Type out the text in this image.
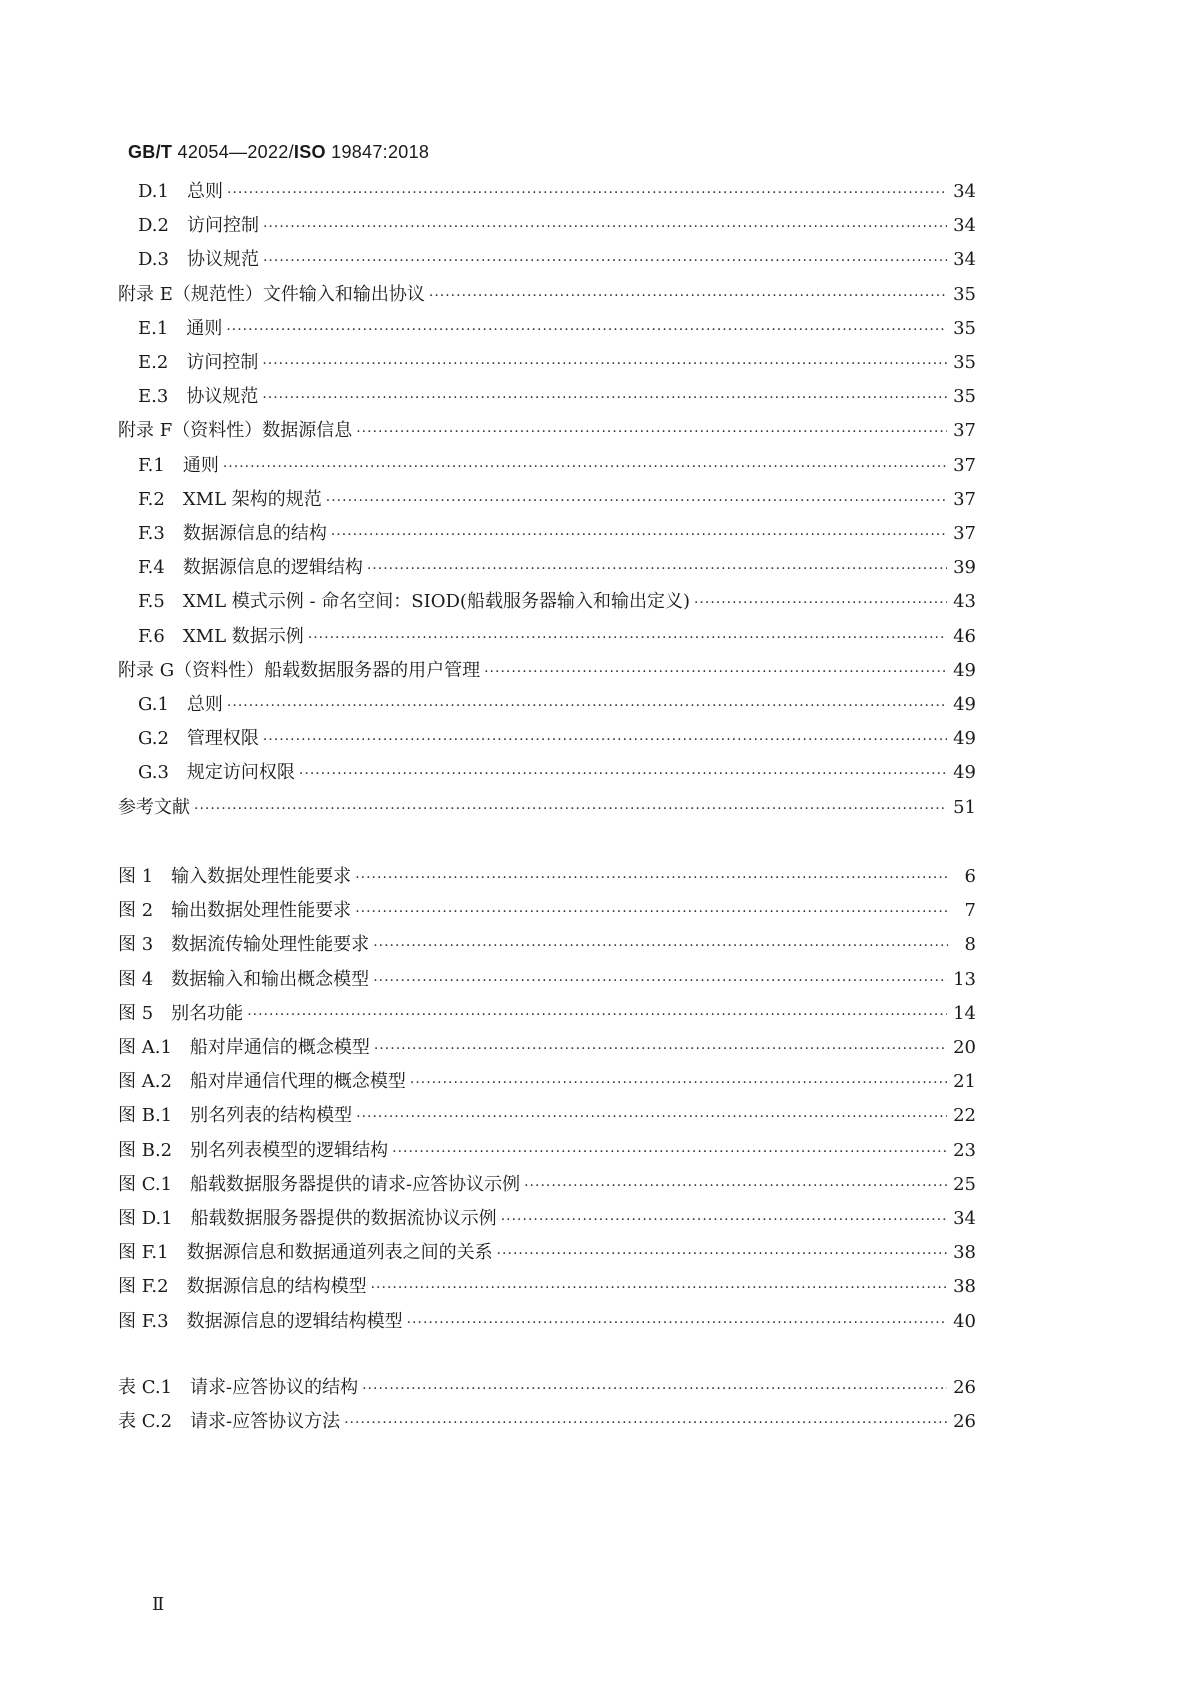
GB/T 42054—2022/ISO 19847:2018
D.1　总则 ·····	34
D.2　访问控制 ·····	34
D.3　协议规范 ·····	34
附录 E（规范性）文件输入和输出协议 ·····	35
E.1　通则 ·····	35
E.2　访问控制 ·····	35
E.3　协议规范 ·····	35
附录 F（资料性）数据源信息 ·····	37
F.1　通则 ·····	37
F.2　XML 架构的规范 ·····	37
F.3　数据源信息的结构 ·····	37
F.4　数据源信息的逻辑结构 ·····	39
F.5　XML 模式示例 - 命名空间：SIOD(船载服务器输入和输出定义) ·····	43
F.6　XML 数据示例 ·····	46
附录 G（资料性）船载数据服务器的用户管理 ·····	49
G.1　总则 ·····	49
G.2　管理权限 ·····	49
G.3　规定访问权限 ·····	49
参考文献 ·····	51
图 1　输入数据处理性能要求 ·····	6
图 2　输出数据处理性能要求 ·····	7
图 3　数据流传输处理性能要求 ·····	8
图 4　数据输入和输出概念模型 ·····	13
图 5　别名功能 ·····	14
图 A.1　船对岸通信的概念模型 ·····	20
图 A.2　船对岸通信代理的概念模型 ·····	21
图 B.1　别名列表的结构模型 ·····	22
图 B.2　别名列表模型的逻辑结构 ·····	23
图 C.1　船载数据服务器提供的请求-应答协议示例 ·····	25
图 D.1　船载数据服务器提供的数据流协议示例 ·····	34
图 F.1　数据源信息和数据通道列表之间的关系 ·····	38
图 F.2　数据源信息的结构模型 ·····	38
图 F.3　数据源信息的逻辑结构模型 ·····	40
表 C.1　请求-应答协议的结构 ·····	26
表 C.2　请求-应答协议方法 ·····	26
Ⅱ
